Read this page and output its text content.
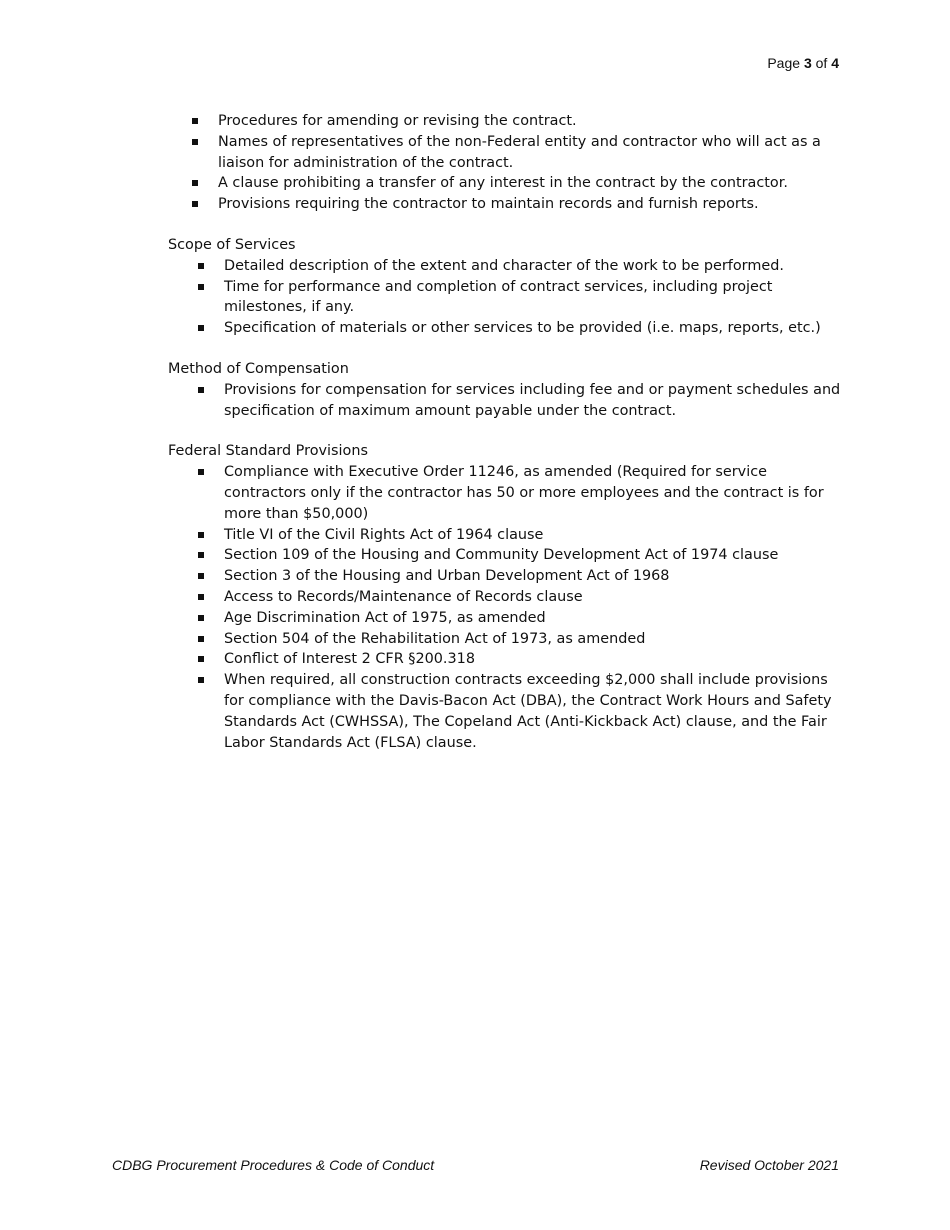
Page 3 of 4
Procedures for amending or revising the contract.
Names of representatives of the non-Federal entity and contractor who will act as a liaison for administration of the contract.
A clause prohibiting a transfer of any interest in the contract by the contractor.
Provisions requiring the contractor to maintain records and furnish reports.
Scope of Services
Detailed description of the extent and character of the work to be performed.
Time for performance and completion of contract services, including project milestones, if any.
Specification of materials or other services to be provided (i.e. maps, reports, etc.)
Method of Compensation
Provisions for compensation for services including fee and or payment schedules and specification of maximum amount payable under the contract.
Federal Standard Provisions
Compliance with Executive Order 11246, as amended (Required for service contractors only if the contractor has 50 or more employees and the contract is for more than $50,000)
Title VI of the Civil Rights Act of 1964 clause
Section 109 of the Housing and Community Development Act of 1974 clause
Section 3 of the Housing and Urban Development Act of 1968
Access to Records/Maintenance of Records clause
Age Discrimination Act of 1975, as amended
Section 504 of the Rehabilitation Act of 1973, as amended
Conflict of Interest 2 CFR §200.318
When required, all construction contracts exceeding $2,000 shall include provisions for compliance with the Davis-Bacon Act (DBA), the Contract Work Hours and Safety Standards Act (CWHSSA), The Copeland Act (Anti-Kickback Act) clause, and the Fair Labor Standards Act (FLSA) clause.
CDBG Procurement Procedures & Code of Conduct	Revised October 2021
